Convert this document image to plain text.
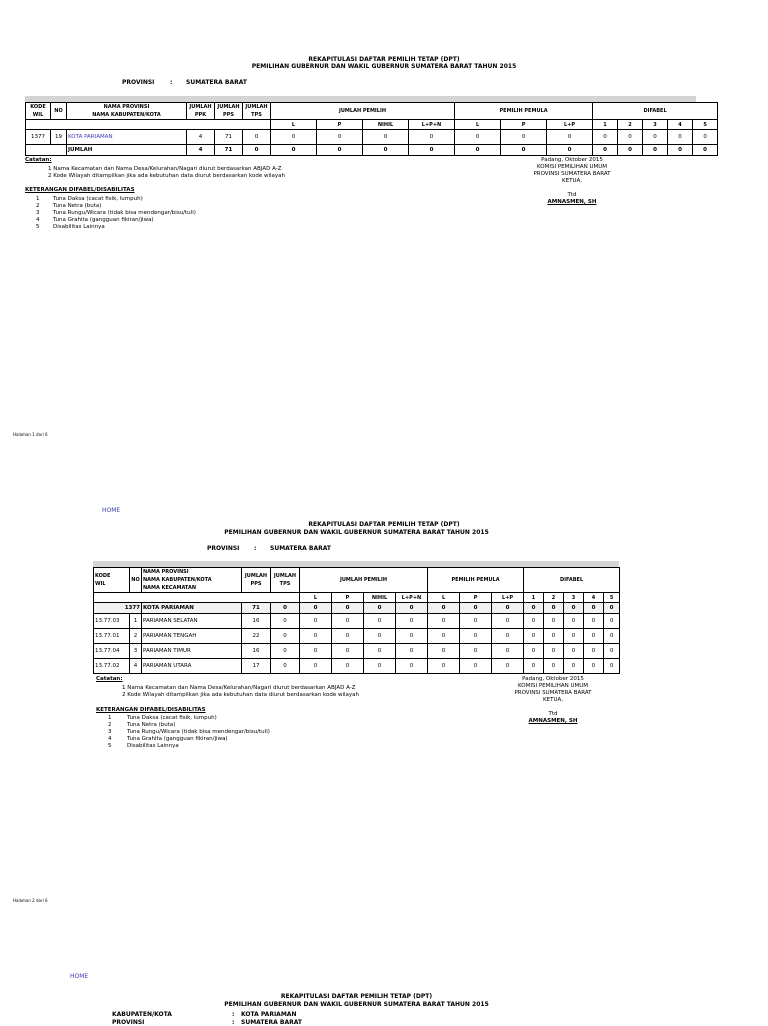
REKAPITULASI DAFTAR PEMILIH TETAP (DPT)
PEMILIHAN GUBERNUR DAN WAKIL GUBERNUR SUMATERA BARAT TAHUN 2015
PROVINSI	: SUMATERA BARAT
KODE
WIL	NO	NAMA PROVINSI
NAMA KABUPATEN/KOTA	JUMLAH
PPK	JUMLAH
PPS	JUMLAH
TPS	JUMLAH PEMILIH				PEMILIH PEMULA			DIFABEL				
						L	P	NIHIL	L+P+N	L	P	L+P	1	2	3	4	5
1377	19	KOTA PARIAMAN	4	71	0	0	0	0	0	0	0	0	0	0	0	0	0
		JUMLAH	4	71	0	0	0	0	0	0	0	0	0	0	0	0	0
Catatan:
1 Nama Kecamatan dan Nama Desa/Kelurahan/Nagari diurut berdasarkan ABJAD A-Z
2 Kode Wilayah ditampilkan jika ada kebutuhan data diurut berdasarkan kode wilayah
KETERANGAN DIFABEL/DISABILITAS
1 Tuna Daksa (cacat fisik, lumpuh)
2 Tuna Netra (buta)
3 Tuna Rungu/Wicara (tidak bisa mendengar/bisu/tuli)
4 Tuna Grahita (gangguan fikiran/jiwa)
5 Disabilitas Lainnya
Padang, Oktober 2015
KOMISI PEMILIHAN UMUM
PROVINSI SUMATERA BARAT
KETUA,
Ttd
AMNASMEN, SH
Halaman 1 dari 6
HOME
REKAPITULASI DAFTAR PEMILIH TETAP (DPT)
PEMILIHAN GUBERNUR DAN WAKIL GUBERNUR SUMATERA BARAT TAHUN 2015
PROVINSI : SUMATERA BARAT
KODE
WIL	NO	NAMA PROVINSI
NAMA KABUPATEN/KOTA
NAMA KECAMATAN	JUMLAH
PPS	JUMLAH
TPS	JUMLAH PEMILIH				PEMILIH PEMULA			DIFABEL				
					L	P	NIHIL	L+P+N	L	P	L+P	1	2	3	4	5
1377		KOTA PARIAMAN	71	0	0	0	0	0	0	0	0	0	0	0	0	0
13.77.03	1	PARIAMAN SELATAN	16	0	0	0	0	0	0	0	0	0	0	0	0	0
13.77.01	2	PARIAMAN TENGAH	22	0	0	0	0	0	0	0	0	0	0	0	0	0
13.77.04	3	PARIAMAN TIMUR	16	0	0	0	0	0	0	0	0	0	0	0	0	0
13.77.02	4	PARIAMAN UTARA	17	0	0	0	0	0	0	0	0	0	0	0	0	0
Catatan:
1 Nama Kecamatan dan Nama Desa/Kelurahan/Nagari diurut berdasarkan ABJAD A-Z
2 Kode Wilayah ditampilkan jika ada kebutuhan data diurut berdasarkan kode wilayah
KETERANGAN DIFABEL/DISABILITAS
1	Tuna Daksa (cacat fisik, lumpuh)
2	Tuna Netra (buta)
3	Tuna Rungu/Wicara (tidak bisa mendengar/bisu/tuli)
4	Tuna Grahita (gangguan fikiran/jiwa)
5	Disabilitas Lainnya
Padang, Oktober 2015
KOMISI PEMILIHAN UMUM
PROVINSI SUMATERA BARAT
KETUA,
Ttd
AMNASMEN, SH
Halaman 2 dari 6
HOME
REKAPITULASI DAFTAR PEMILIH TETAP (DPT)
PEMILIHAN GUBERNUR DAN WAKIL GUBERNUR SUMATERA BARAT TAHUN 2015
KABUPATEN/KOTA	: KOTA PARIAMAN
PROVINSI	: SUMATERA BARAT
